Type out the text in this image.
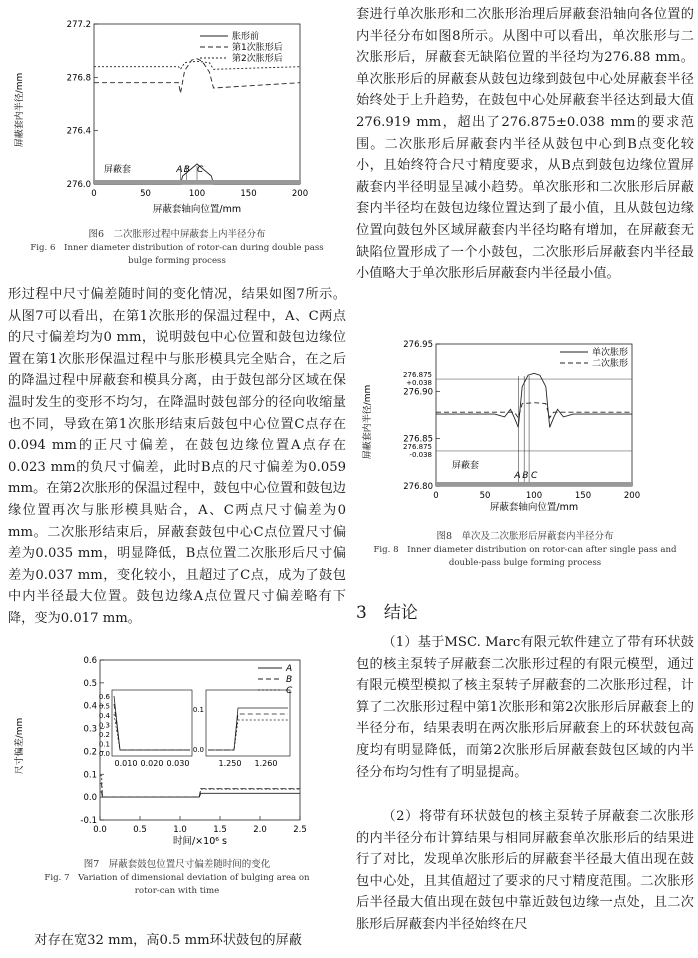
0	50	100	150	200
276.0
276.4
276.8
277.2
屏蔽套内半径/mm
屏蔽套轴向位置/mm
胀形前
第1次胀形后
第2次胀形后
屏蔽套	A B C
图6　二次胀形过程中屏蔽套上内半径分布
Fig. 6　Inner diameter distribution of rotor-can during double pass
bulge forming process

形过程中尺寸偏差随时间的变化情况，结果如图7所示。从图7可以看出，在第1次胀形的保温过程中，A、C两点的尺寸偏差均为0 mm，说明鼓包中心位置和鼓包边缘位置在第1次胀形保温过程中与胀形模具完全贴合，在之后的降温过程中屏蔽套和模具分离，由于鼓包部分区域在保温时发生的变形不均匀，在降温时鼓包部分的径向收缩量也不同，导致在第1次胀形结束后鼓包中心位置C点存在0.094 mm的正尺寸偏差，在鼓包边缘位置A点存在0.023 mm的负尺寸偏差，此时B点的尺寸偏差为0.059 mm。在第2次胀形的保温过程中，鼓包中心位置和鼓包边缘位置再次与胀形模具贴合，A、C两点尺寸偏差为0 mm。二次胀形结束后，屏蔽套鼓包中心C点位置尺寸偏差为0.035 mm，明显降低，B点位置二次胀形后尺寸偏差为0.037 mm，变化较小，且超过了C点，成为了鼓包中内半径最大位置。鼓包边缘A点位置尺寸偏差略有下降，变为0.017 mm。

0.0	0.5	1.0	1.5	2.0	2.5
-0.1
0.0
0.1
0.2
0.3
0.4
0.5
0.6
0.010 0.020 0.030
0.0
0.1
0.2
0.3
0.4
0.5
0.6
1.250 1.260
0.0
0.1
尺寸偏差/mm
时间/×10⁶ s
A
B
C
图7　屏蔽套鼓包位置尺寸偏差随时间的变化
Fig. 7　Variation of dimensional deviation of bulging area on
rotor-can with time

对存在宽32 mm，高0.5 mm环状鼓包的屏蔽

套进行单次胀形和二次胀形治理后屏蔽套沿轴向各位置的内半径分布如图8所示。从图中可以看出，单次胀形与二次胀形后，屏蔽套无缺陷位置的半径均为276.88 mm。单次胀形后的屏蔽套从鼓包边缘到鼓包中心处屏蔽套半径始终处于上升趋势，在鼓包中心处屏蔽套半径达到最大值276.919 mm，超出了276.875±0.038 mm的要求范围。二次胀形后屏蔽套内半径从鼓包中心到B点变化较小，且始终符合尺寸精度要求，从B点到鼓包边缘位置屏蔽套内半径明显呈减小趋势。单次胀形和二次胀形后屏蔽套内半径均在鼓包边缘位置达到了最小值，且从鼓包边缘位置向鼓包外区域屏蔽套内半径均略有增加，在屏蔽套无缺陷位置形成了一个小鼓包，二次胀形后屏蔽套内半径最小值略大于单次胀形后屏蔽套内半径最小值。

0	50	100	150	200
276.80
276.85
276.90
276.95
276.875
+0.038
276.875
-0.038
屏蔽套内半径/mm
屏蔽套轴向位置/mm
单次胀形
二次胀形
屏蔽套
A B C
图8　单次及二次胀形后屏蔽套内半径分布
Fig. 8　Inner diameter distribution on rotor-can after single pass and
double-pass bulge forming process
3　结论

（1）基于MSC. Marc有限元软件建立了带有环状鼓包的核主泵转子屏蔽套二次胀形过程的有限元模型，通过有限元模型模拟了核主泵转子屏蔽套的二次胀形过程，计算了二次胀形过程中第1次胀形和第2次胀形后屏蔽套上的半径分布，结果表明在两次胀形后屏蔽套上的环状鼓包高度均有明显降低，而第2次胀形后屏蔽套鼓包区域的内半径分布均匀性有了明显提高。

（2）将带有环状鼓包的核主泵转子屏蔽套二次胀形的内半径分布计算结果与相同屏蔽套单次胀形后的结果进行了对比，发现单次胀形后的屏蔽套半径最大值出现在鼓包中心处，且其值超过了要求的尺寸精度范围。二次胀形后半径最大值出现在鼓包中靠近鼓包边缘一点处，且二次胀形后屏蔽套内半径始终在尺
